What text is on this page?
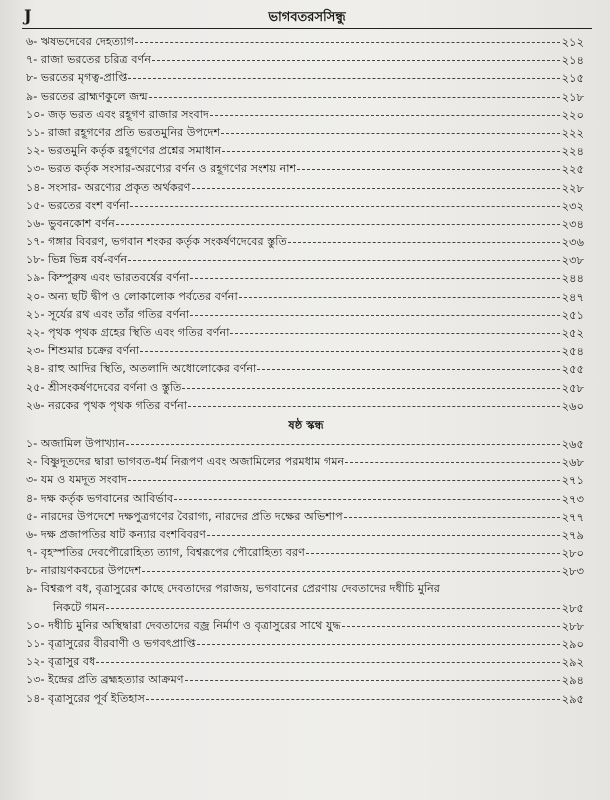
J	ভাগবতরসসিন্ধু
৬- ঋষভদেবের দেহত্যাগ	২১২
৭- রাজা ভরতের চরিত্র বর্ণন	২১৪
৮- ভরতের মৃগত্ব-প্রাপ্তি	২১৫
৯- ভরতের ব্রাহ্মণকুলে জন্ম	২১৮
১০- জড় ভরত এবং রহূগণ রাজার সংবাদ	২২০
১১- রাজা রহূগণের প্রতি ভরতমুনির উপদেশ	২২২
১২- ভরতমুনি কর্তৃক রহূগণের প্রশ্নের সমাধান	২২৪
১৩- ভরত কর্তৃক সংসার-অরণ্যের বর্ণন ও রহূগণের সংশয় নাশ	২২৫
১৪- সংসার- অরণ্যের প্রকৃত অর্থকরণ	২২৮
১৫- ভরতের বংশ বর্ণনা	২৩২
১৬- ভুবনকোশ বর্ণন	২৩৪
১৭- গঙ্গার বিবরণ, ভগবান শংকর কর্তৃক সংকর্ষণদেবের স্তুতি	২৩৬
১৮- ভিন্ন ভিন্ন বর্ষ-বর্ণন	২৩৮
১৯- কিম্পুরুষ এবং ভারতবর্ষের বর্ণনা	২৪৪
২০- অন্য ছটি দ্বীপ ও লোকালোক পর্বতের বর্ণনা	২৪৭
২১- সূর্যের রথ এবং তাঁর গতির বর্ণনা	২৫১
২২- পৃথক পৃথক গ্রহের স্থিতি এবং গতির বর্ণনা	২৫২
২৩- শিশুমার চক্রের বর্ণনা	২৫৪
২৪- রাহু আদির স্থিতি, অতলাদি অধোলোকের বর্ণনা	২৫৫
২৫- শ্রীসংকর্ষণদেবের বর্ণনা ও স্তুতি	২৫৮
২৬- নরকের পৃথক পৃথক গতির বর্ণনা	২৬০
ষষ্ঠ স্কন্ধ
১- অজামিল উপাখ্যান	২৬৫
২- বিষ্ণুদূতদের দ্বারা ভাগবত-ধর্ম নিরূপণ এবং অজামিলের পরমধাম গমন	২৬৮
৩- যম ও যমদূত সংবাদ	২৭১
৪- দক্ষ কর্তৃক ভগবানের আবির্ভাব	২৭৩
৫- নারদের উপদেশে দক্ষপুত্রগণের বৈরাগ্য, নারদের প্রতি দক্ষের অভিশাপ	২৭৭
৬- দক্ষ প্রজাপতির ষাট কন্যার বংশবিবরণ	২৭৯
৭- বৃহস্পতির দেবপৌরোহিত্য ত্যাগ, বিশ্বরূপের পৌরোহিত্য বরণ	২৮০
৮- নারায়ণকবচের উপদেশ	২৮৩
৯- বিশ্বরূপ বধ, বৃত্রাসুরের কাছে দেবতাদের পরাজয়, ভগবানের প্রেরণায় দেবতাদের দধীচি মুনির
নিকটে গমন	২৮৫
১০- দধীচি মুনির অস্থিদ্বারা দেবতাদের বজ্র নির্মাণ ও বৃত্রাসুরের সাথে যুদ্ধ	২৮৮
১১- বৃত্রাসুরের বীরবাণী ও ভগবৎপ্রাপ্তি	২৯০
১২- বৃত্রাসুর বধ	২৯২
১৩- ইন্দ্রের প্রতি ব্রহ্মহত্যার আক্রমণ	২৯৪
১৪- বৃত্রাসুরের পূর্ব ইতিহাস	২৯৫
